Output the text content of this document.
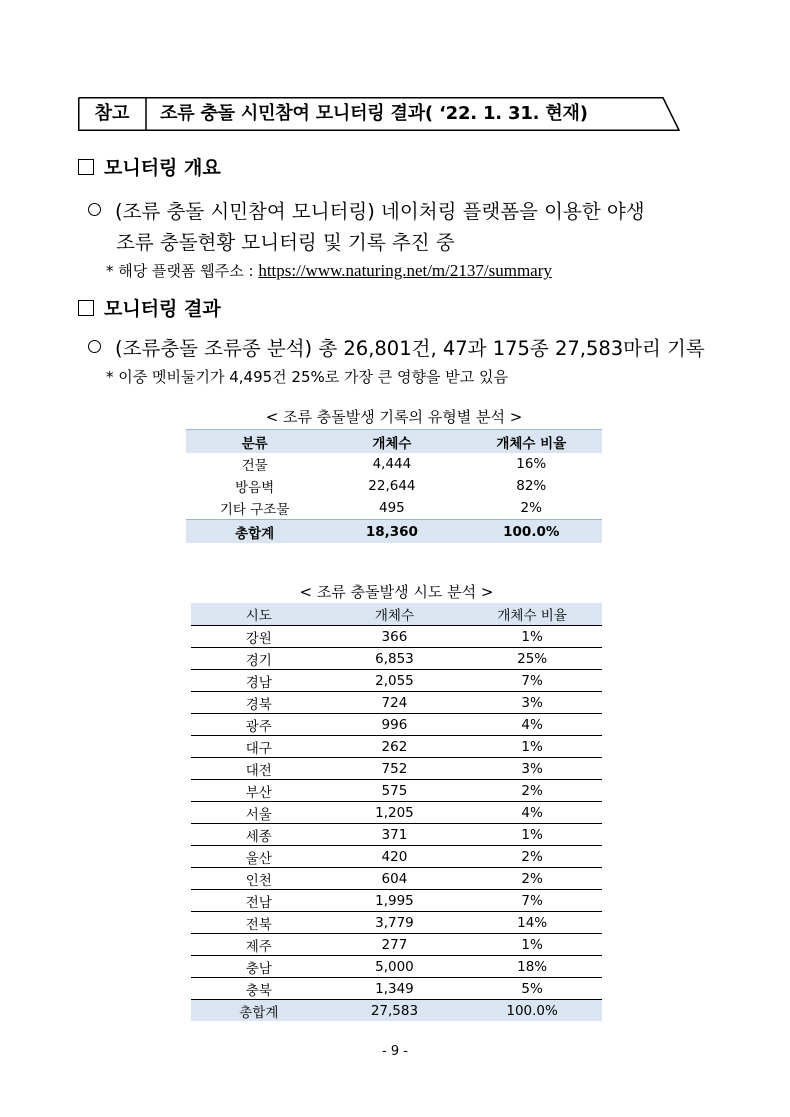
참고	조류 충돌 시민참여 모니터링 결과( ‘22. 1. 31. 현재)
모니터링 개요
(조류 충돌 시민참여 모니터링) 네이처링 플랫폼을 이용한 야생
조류 충돌현황 모니터링 및 기록 추진 중
* 해당 플랫폼 웹주소 : https://www.naturing.net/m/2137/summary
모니터링 결과
(조류충돌 조류종 분석) 총 26,801건, 47과 175종 27,583마리 기록
* 이중 멧비둘기가 4,495건 25%로 가장 큰 영향을 받고 있음
< 조류 충돌발생 기록의 유형별 분석 >
분류	개체수	개체수 비율
건물	4,444	16%
방음벽	22,644	82%
기타 구조물	495	2%
총합계	18,360	100.0%
< 조류 충돌발생 시도 분석 >
시도	개체수	개체수 비율
강원	366	1%
경기	6,853	25%
경남	2,055	7%
경북	724	3%
광주	996	4%
대구	262	1%
대전	752	3%
부산	575	2%
서울	1,205	4%
세종	371	1%
울산	420	2%
인천	604	2%
전남	1,995	7%
전북	3,779	14%
제주	277	1%
충남	5,000	18%
충북	1,349	5%
총합계	27,583	100.0%
- 9 -
